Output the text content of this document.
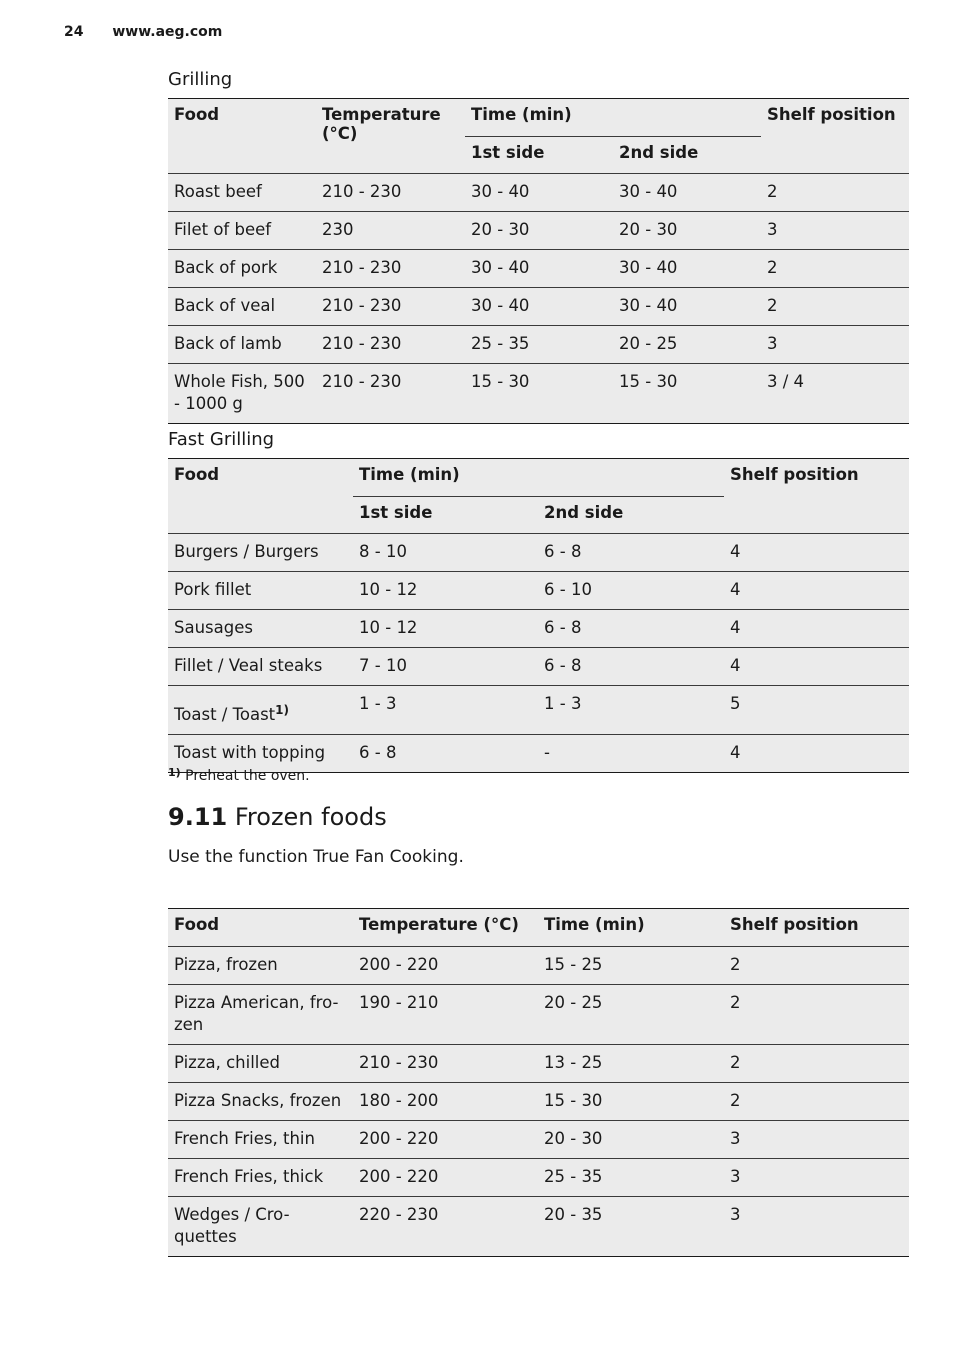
24 www.aeg.com
Grilling
Food	Temperature (°C)	Time (min)		Shelf position
		1st side	2nd side	
Roast beef	210 - 230	30 - 40	30 - 40	2
Filet of beef	230	20 - 30	20 - 30	3
Back of pork	210 - 230	30 - 40	30 - 40	2
Back of veal	210 - 230	30 - 40	30 - 40	2
Back of lamb	210 - 230	25 - 35	20 - 25	3
Whole Fish, 500 - 1000 g	210 - 230	15 - 30	15 - 30	3 / 4
Fast Grilling
Food	Time (min)		Shelf position
	1st side	2nd side	
Burgers / Burgers	8 - 10	6 - 8	4
Pork fillet	10 - 12	6 - 10	4
Sausages	10 - 12	6 - 8	4
Fillet / Veal steaks	7 - 10	6 - 8	4
Toast / Toast$^{1)}$	1 - 3	1 - 3	5
Toast with topping	6 - 8	-	4
$^{1)}$ Preheat the oven.
9.11 Frozen foods
Use the function True Fan Cooking.
Food	Temperature (°C)	Time (min)	Shelf position
Pizza, frozen	200 - 220	15 - 25	2
Pizza American, fro- zen	190 - 210	20 - 25	2
Pizza, chilled	210 - 230	13 - 25	2
Pizza Snacks, frozen	180 - 200	15 - 30	2
French Fries, thin	200 - 220	20 - 30	3
French Fries, thick	200 - 220	25 - 35	3
Wedges / Cro- quettes	220 - 230	20 - 35	3
